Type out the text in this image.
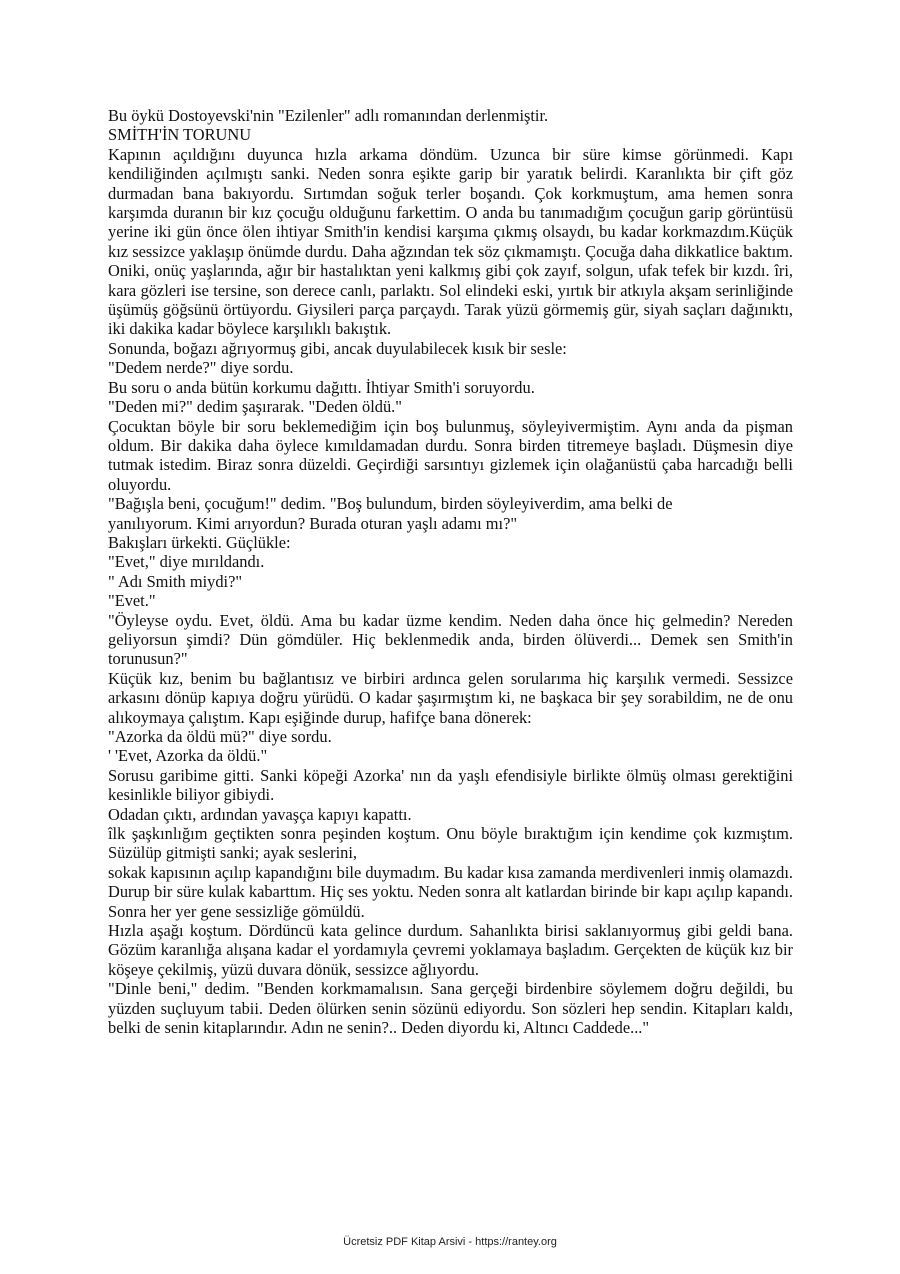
Bu öykü Dostoyevski'nin "Ezilenler" adlı romanından derlenmiştir.

SMİTH'İN TORUNU

Kapının açıldığını duyunca hızla arkama döndüm. Uzunca bir süre kimse görünmedi. Kapı kendiliğinden açılmıştı sanki. Neden sonra eşikte garip bir yaratık belirdi. Karanlıkta bir çift göz durmadan bana bakıyordu. Sırtımdan soğuk terler boşandı. Çok korkmuştum, ama hemen sonra karşımda duranın bir kız çocuğu olduğunu farkettim. O anda bu tanımadığım çocuğun garip görüntüsü yerine iki gün önce ölen ihtiyar Smith'in kendisi karşıma çıkmış olsaydı, bu kadar korkmazdım.Küçük kız sessizce yaklaşıp önümde durdu. Daha ağzından tek söz çıkmamıştı. Çocuğa daha dikkatlice baktım. Oniki, onüç yaşlarında, ağır bir hastalıktan yeni kalkmış gibi çok zayıf, solgun, ufak tefek bir kızdı. îri, kara gözleri ise tersine, son derece canlı, parlaktı. Sol elindeki eski, yırtık bir atkıyla akşam serinliğinde üşümüş göğsünü örtüyordu. Giysileri parça parçaydı. Tarak yüzü görmemiş gür, siyah saçları dağınıktı, iki dakika kadar böylece karşılıklı bakıştık.

Sonunda, boğazı ağrıyormuş gibi, ancak duyulabilecek kısık bir sesle:

"Dedem nerde?" diye sordu.

Bu soru o anda bütün korkumu dağıttı. İhtiyar Smith'i soruyordu.

"Deden mi?" dedim şaşırarak. "Deden öldü."

Çocuktan böyle bir soru beklemediğim için boş bulunmuş, söyleyivermiştim. Aynı anda da pişman oldum. Bir dakika daha öylece kımıldamadan durdu. Sonra birden titremeye başladı. Düşmesin diye tutmak istedim. Biraz sonra düzeldi. Geçirdiği sarsıntıyı gizlemek için olağanüstü çaba harcadığı belli oluyordu.

"Bağışla beni, çocuğum!" dedim. "Boş bulundum, birden söyleyiverdim, ama belki de

yanılıyorum. Kimi arıyordun? Burada oturan yaşlı adamı mı?"

Bakışları ürkekti. Güçlükle:

"Evet," diye mırıldandı.

" Adı Smith miydi?"

"Evet."

"Öyleyse oydu. Evet, öldü. Ama bu kadar üzme kendim. Neden daha önce hiç gelmedin? Nereden geliyorsun şimdi? Dün gömdüler. Hiç beklenmedik anda, birden ölüverdi... Demek sen Smith'in torunusun?"

Küçük kız, benim bu bağlantısız ve birbiri ardınca gelen sorularıma hiç karşılık vermedi. Sessizce arkasını dönüp kapıya doğru yürüdü. O kadar şaşırmıştım ki, ne başkaca bir şey sorabildim, ne de onu alıkoymaya çalıştım. Kapı eşiğinde durup, hafifçe bana dönerek:

"Azorka da öldü mü?" diye sordu.

' 'Evet, Azorka da öldü."

Sorusu garibime gitti. Sanki köpeği Azorka' nın da yaşlı efendisiyle birlikte ölmüş olması gerektiğini kesinlikle biliyor gibiydi.

Odadan çıktı, ardından yavaşça kapıyı kapattı.

îlk şaşkınlığım geçtikten sonra peşinden koştum. Onu böyle bıraktığım için kendime çok kızmıştım. Süzülüp gitmişti sanki; ayak seslerini,

sokak kapısının açılıp kapandığını bile duymadım. Bu kadar kısa zamanda merdivenleri inmiş olamazdı. Durup bir süre kulak kabarttım. Hiç ses yoktu. Neden sonra alt katlardan birinde bir kapı açılıp kapandı. Sonra her yer gene sessizliğe gömüldü.

Hızla aşağı koştum. Dördüncü kata gelince durdum. Sahanlıkta birisi saklanıyormuş gibi geldi bana. Gözüm karanlığa alışana kadar el yordamıyla çevremi yoklamaya başladım. Gerçekten de küçük kız bir köşeye çekilmiş, yüzü duvara dönük, sessizce ağlıyordu.

"Dinle beni," dedim. "Benden korkmamalısın. Sana gerçeği birdenbire söylemem doğru değildi, bu yüzden suçluyum tabii. Deden ölürken senin sözünü ediyordu. Son sözleri hep sendin. Kitapları kaldı, belki de senin kitaplarındır. Adın ne senin?.. Deden diyordu ki, Altıncı Caddede..."

Ücretsiz PDF Kitap Arsivi - https://rantey.org
